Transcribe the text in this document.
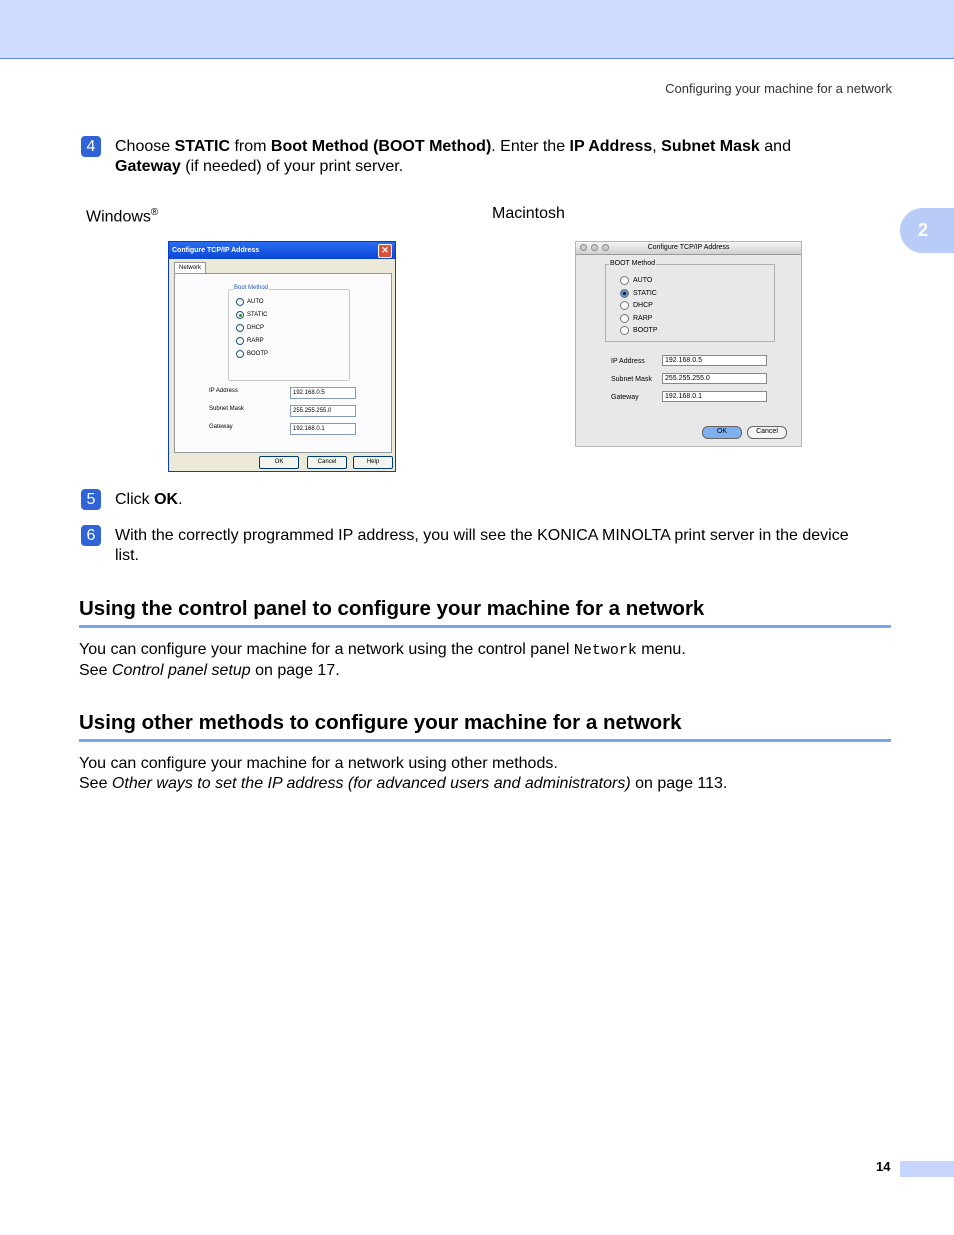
Configuring your machine for a network
2
4	Choose STATIC from Boot Method (BOOT Method). Enter the IP Address, Subnet Mask and
Gateway (if needed) of your print server.
Windows®	Macintosh
Configure TCP/IP Address	✕
Network
Boot Method
AUTO
STATIC
DHCP
RARP
BOOTP
IP Address	192.168.0.5
Subnet Mask	255.255.255.0
Gateway	192.168.0.1
OK	Cancel	Help
Configure TCP/IP Address
BOOT Method
AUTO
STATIC
DHCP
RARP
BOOTP
IP Address	192.168.0.5
Subnet Mask	255.255.255.0
Gateway	192.168.0.1
OK	Cancel
5	Click OK.
6	With the correctly programmed IP address, you will see the KONICA MINOLTA print server in the device
list.
Using the control panel to configure your machine for a network
You can configure your machine for a network using the control panel Network menu.
See Control panel setup on page 17.
Using other methods to configure your machine for a network
You can configure your machine for a network using other methods.
See Other ways to set the IP address (for advanced users and administrators) on page 113.
14
